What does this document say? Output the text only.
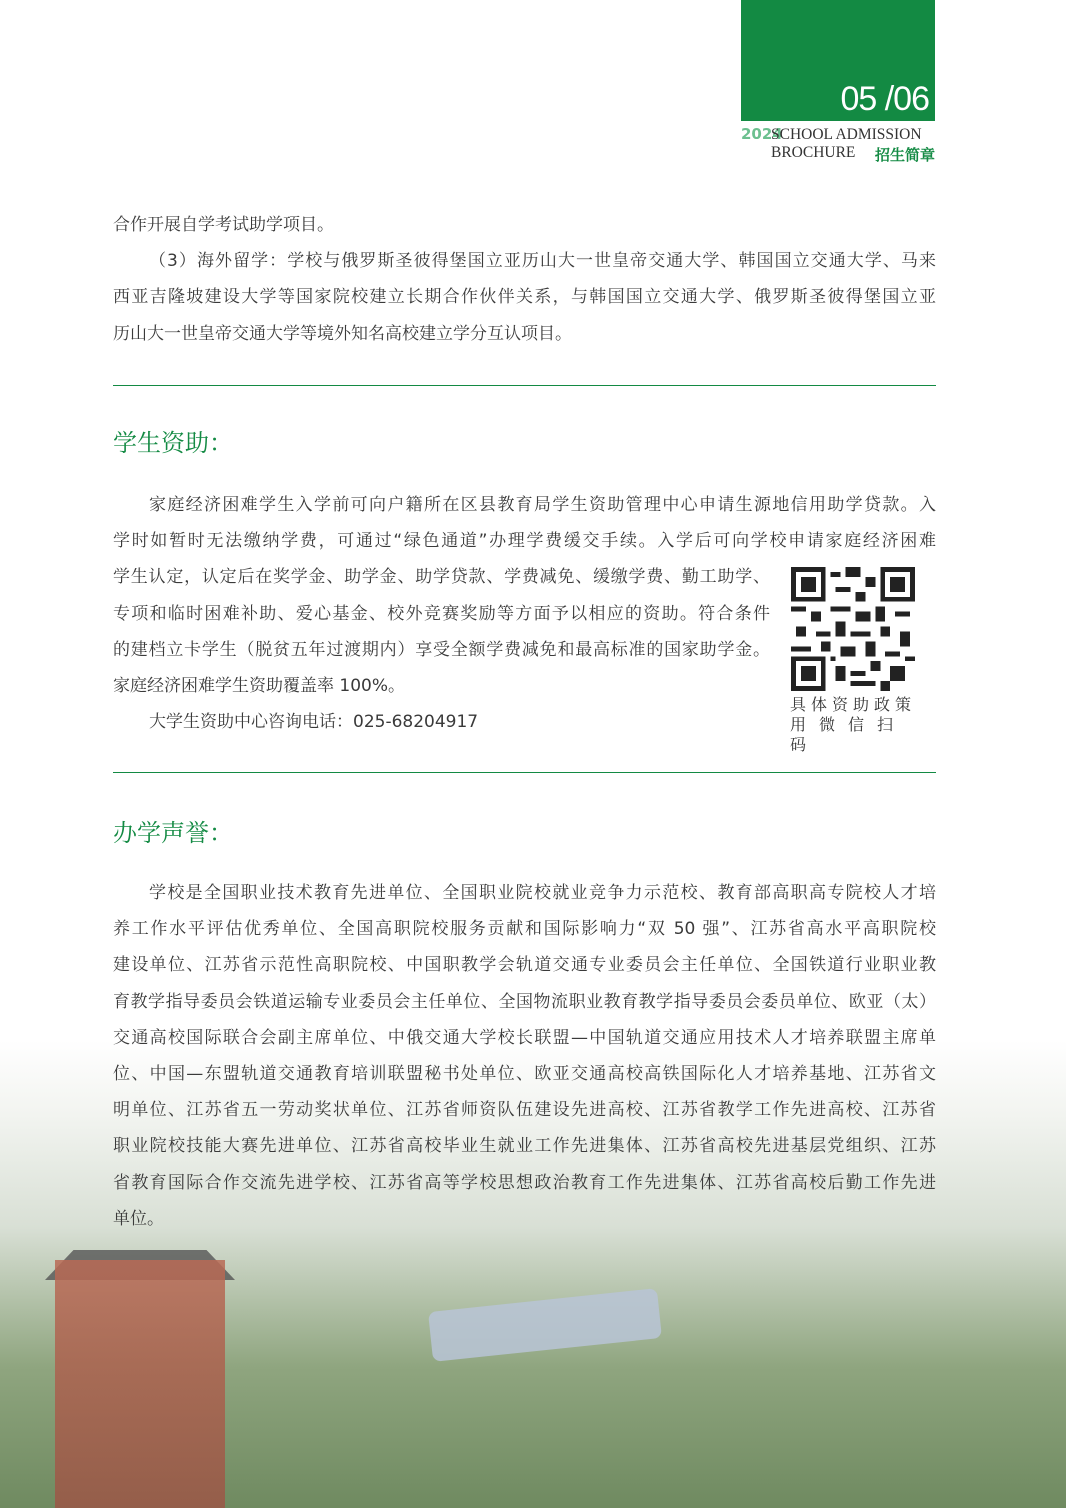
05 /06
2024
SCHOOL ADMISSION
BROCHURE	招生简章
合作开展自学考试助学项目。
（3）海外留学：学校与俄罗斯圣彼得堡国立亚历山大一世皇帝交通大学、韩国国立交通大学、马来
西亚吉隆坡建设大学等国家院校建立长期合作伙伴关系，与韩国国立交通大学、俄罗斯圣彼得堡国立亚
历山大一世皇帝交通大学等境外知名高校建立学分互认项目。
学生资助：
家庭经济困难学生入学前可向户籍所在区县教育局学生资助管理中心申请生源地信用助学贷款。入
学时如暂时无法缴纳学费，可通过“绿色通道”办理学费缓交手续。入学后可向学校申请家庭经济困难
学生认定，认定后在奖学金、助学金、助学贷款、学费减免、缓缴学费、勤工助学、
专项和临时困难补助、爱心基金、校外竞赛奖励等方面予以相应的资助。符合条件
的建档立卡学生（脱贫五年过渡期内）享受全额学费减免和最高标准的国家助学金。
家庭经济困难学生资助覆盖率 100%。
大学生资助中心咨询电话：025-68204917
具体资助政策
用微信扫码
办学声誉：
学校是全国职业技术教育先进单位、全国职业院校就业竞争力示范校、教育部高职高专院校人才培
养工作水平评估优秀单位、全国高职院校服务贡献和国际影响力“双 50 强”、江苏省高水平高职院校
建设单位、江苏省示范性高职院校、中国职教学会轨道交通专业委员会主任单位、全国铁道行业职业教
育教学指导委员会铁道运输专业委员会主任单位、全国物流职业教育教学指导委员会委员单位、欧亚（太）
交通高校国际联合会副主席单位、中俄交通大学校长联盟—中国轨道交通应用技术人才培养联盟主席单
位、中国—东盟轨道交通教育培训联盟秘书处单位、欧亚交通高校高铁国际化人才培养基地、江苏省文
明单位、江苏省五一劳动奖状单位、江苏省师资队伍建设先进高校、江苏省教学工作先进高校、江苏省
职业院校技能大赛先进单位、江苏省高校毕业生就业工作先进集体、江苏省高校先进基层党组织、江苏
省教育国际合作交流先进学校、江苏省高等学校思想政治教育工作先进集体、江苏省高校后勤工作先进
单位。
